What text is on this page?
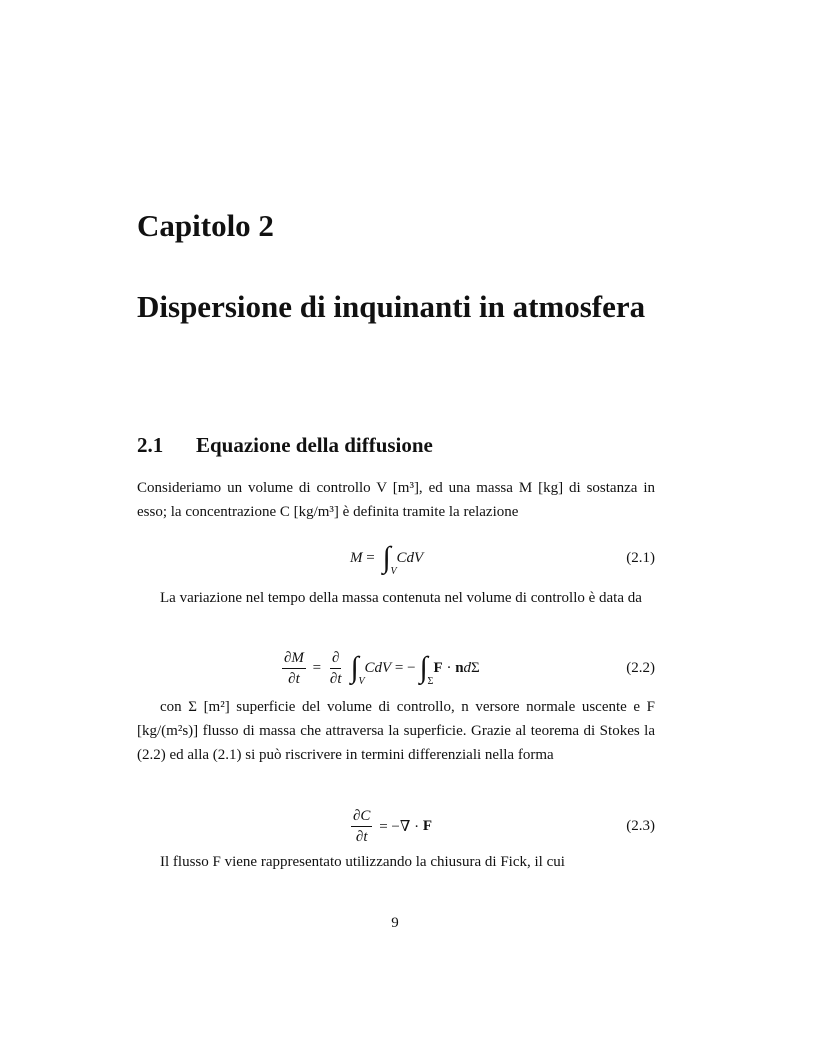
Capitolo 2
Dispersione di inquinanti in atmosfera
2.1 Equazione della diffusione
Consideriamo un volume di controllo V [m³], ed una massa M [kg] di sostanza in esso; la concentrazione C [kg/m³] è definita tramite la relazione
M = ∫ V

CdV	(2.1)
La variazione nel tempo della massa contenuta nel volume di controllo è data da
$\frac{\partial M}{\partial t} = \frac{\partial}{\partial t}$ ∫ V

CdV = − ∫ Σ

F · n d Σ	(2.2)
con Σ [m²] superficie del volume di controllo, n versore normale uscente e F [kg/(m²s)] flusso di massa che attraversa la superficie. Grazie al teorema di Stokes la (2.2) ed alla (2.1) si può riscrivere in termini differenziali nella forma
$\frac{\partial C}{\partial t}$ = −∇ · F	(2.3)
Il flusso F viene rappresentato utilizzando la chiusura di Fick, il cui
9
